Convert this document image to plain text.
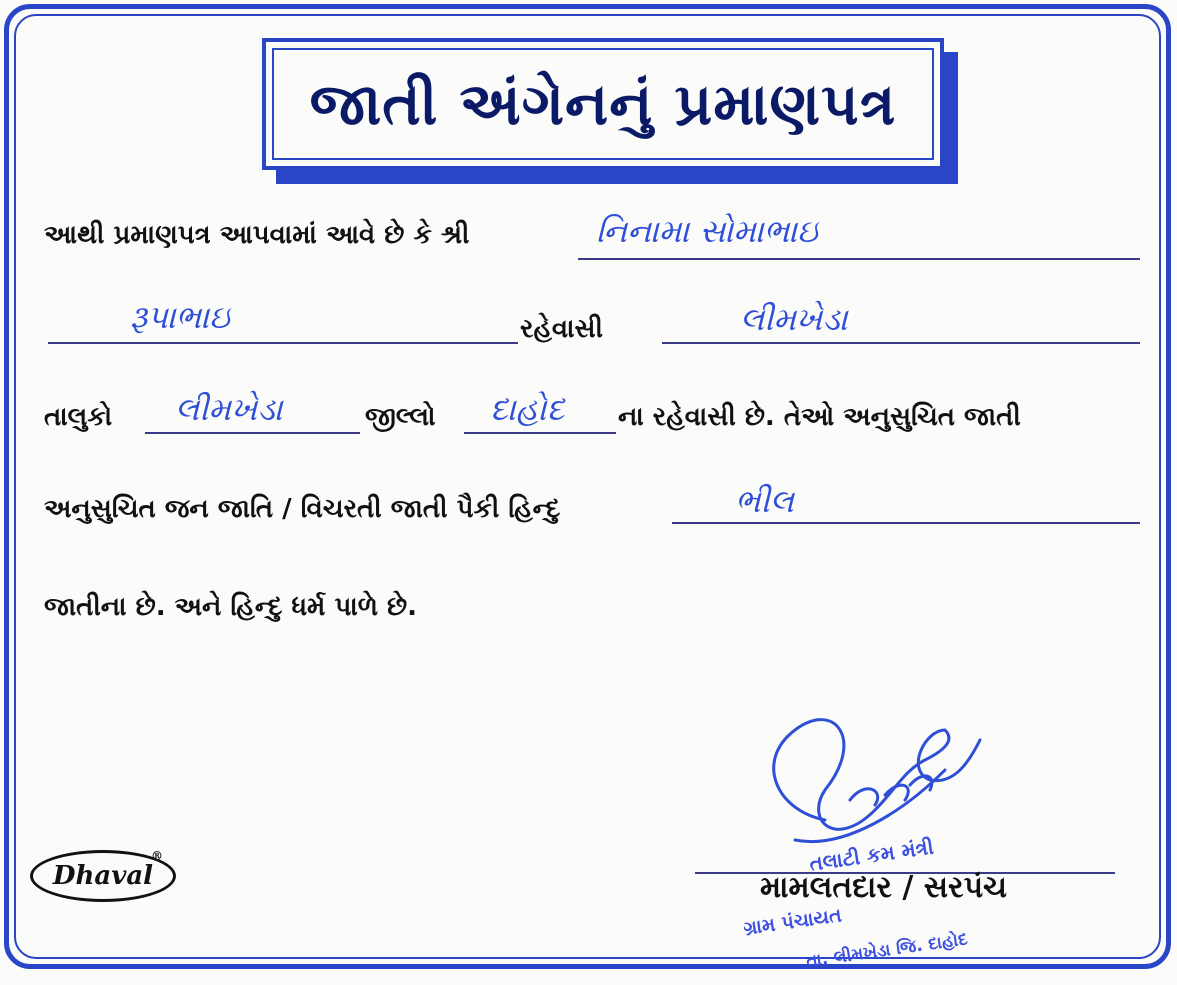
જાતી અંગેનનું પ્રમાણપત્ર
આથી પ્રમાણપત્ર આપવામાં આવે છે કે શ્રી	નિનામા સોમાભાઇ
રૂપાભાઇ	રહેવાસી	લીમખેડા
તાલુકો લીમખેડા	જીલ્લો દાહોદ ના રહેવાસી છે. તેઓ અનુસુચિત જાતી
અનુસુચિત જન જાતિ / વિચરતી જાતી પૈકી હિન્દુ	ભીલ
જાતીના છે. અને હિન્દુ ધર્મ પાળે છે.
Dhaval
®	તલાટી કમ મંત્રી
મામલતદાર / સરપંચ
ગ્રામ પંચાયત
તા. લીમખેડા જિ. દાહોદ
